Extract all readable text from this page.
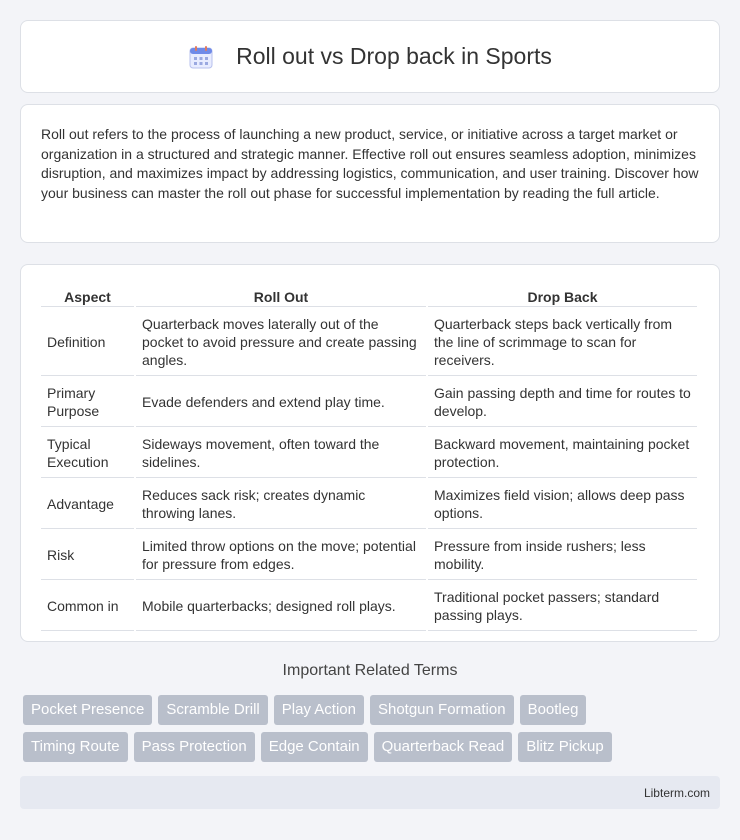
Roll out vs Drop back in Sports

Roll out refers to the process of launching a new product, service, or initiative across a target market or organization in a structured and strategic manner. Effective roll out ensures seamless adoption, minimizes disruption, and maximizes impact by addressing logistics, communication, and user training. Discover how your business can master the roll out phase for successful implementation by reading the full article.

Aspect	Roll Out	Drop Back
Definition	Quarterback moves laterally out of the pocket to avoid pressure and create passing angles.	Quarterback steps back vertically from the line of scrimmage to scan for receivers.
Primary Purpose	Evade defenders and extend play time.	Gain passing depth and time for routes to develop.
Typical Execution	Sideways movement, often toward the sidelines.	Backward movement, maintaining pocket protection.
Advantage	Reduces sack risk; creates dynamic throwing lanes.	Maximizes field vision; allows deep pass options.
Risk	Limited throw options on the move; potential for pressure from edges.	Pressure from inside rushers; less mobility.
Common in	Mobile quarterbacks; designed roll plays.	Traditional pocket passers; standard passing plays.
Important Related Terms
Pocket Presence	Scramble Drill	Play Action	Shotgun Formation	Bootleg
Timing Route	Pass Protection	Edge Contain	Quarterback Read	Blitz Pickup
Libterm.com
